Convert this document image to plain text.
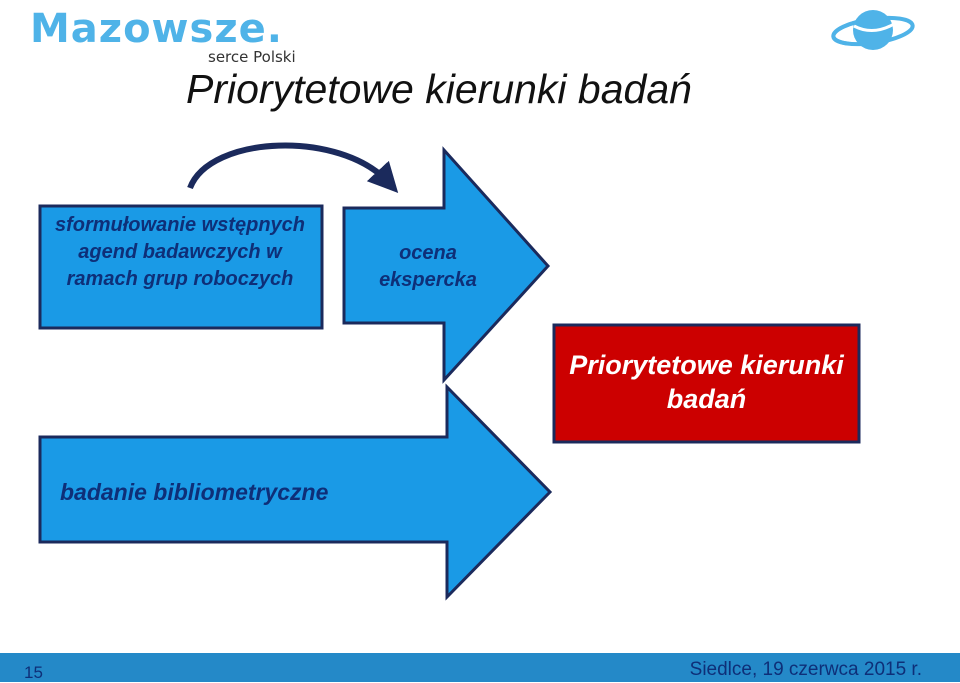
Mazowsze.
serce Polski
Priorytetowe kierunki badań
sformułowanie wstępnych agend badawczych w ramach grup roboczych
ocena ekspercka
Priorytetowe kierunki badań
badanie bibliometryczne
15	Siedlce, 19 czerwca 2015 r.
